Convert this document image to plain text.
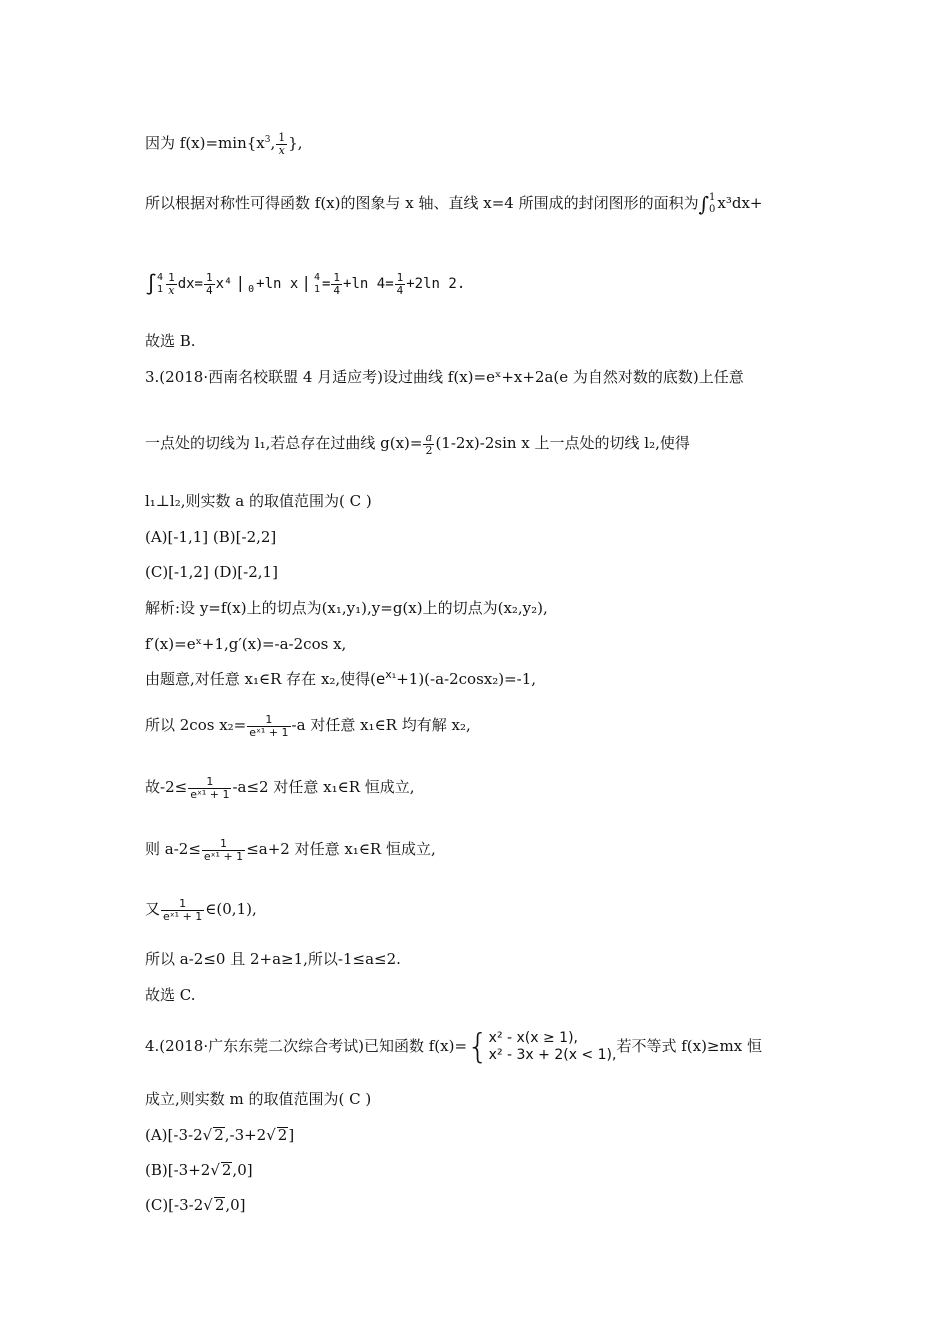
因为 $f(x)=\min\{x^3$, $\frac{1}{x}$ },
所以根据对称性可得函数 f(x)的图象与 x 轴、直线 x=4 所围成的封闭图形的面积为∫ 1
0 x³dx+
∫ 4
$1 \frac{1}{x} dx= \frac{1}{4} x^4$ |
0 +ln x | 4
$1 = \frac{1}{4} +\ln$ $4= \frac{1}{4} +2\ln$ 2.
故选 B.
3.(2018·西南名校联盟 4 月适应考)设过曲线 f(x)=eˣ+x+2a(e 为自然对数的底数)上任意
一点处的切线为 l₁,若总存在过曲线 $g(x)= \frac{a}{2} (1-2x)-2\sin$ x 上一点处的切线 l₂,使得
l₁⊥l₂,则实数 a 的取值范围为( C )
(A)[-1,1] (B)[-2,2]
(C)[-1,2] (D)[-2,1]
解析:设 y=f(x)上的切点为(x₁,y₁),y=g(x)上的切点为(x₂,y₂),
f′(x)=eˣ+1,g′(x)=-a-2cos x,
由题意,对任意 x₁∈R 存在 x₂,使得$(e^{x_1}+1)(-a-2\cos x_2)=-1$,
所以 2cos $x_2= \frac{1}{\text{eˣ¹ + 1}} -a$ 对任意 x₁∈R 均有解 x₂,
故$-2\le \frac{1}{\text{eˣ¹ + 1}} -a\le 2$ 对任意 x₁∈R 恒成立,
则 $a-2\le \frac{1}{\text{eˣ¹ + 1}} \le a+2$ 对任意 x₁∈R 恒成立,
又 $\frac{1}{\text{eˣ¹ + 1}}$ ∈(0,1),
所以 a-2≤0 且 2+a≥1,所以-1≤a≤2.
故选 C.
4.(2018·广东东莞二次综合考试)已知函数 f(x)={ x² - x(x ≥ 1),
x² - 3x + 2(x < 1), 若不等式 f(x)≥mx 恒
成立,则实数 m 的取值范围为( C )
(A)[-3-2√ 2,-3+2√ 2]
(B)[-3+2√ 2,0]
(C)[-3-2√ 2,0]
